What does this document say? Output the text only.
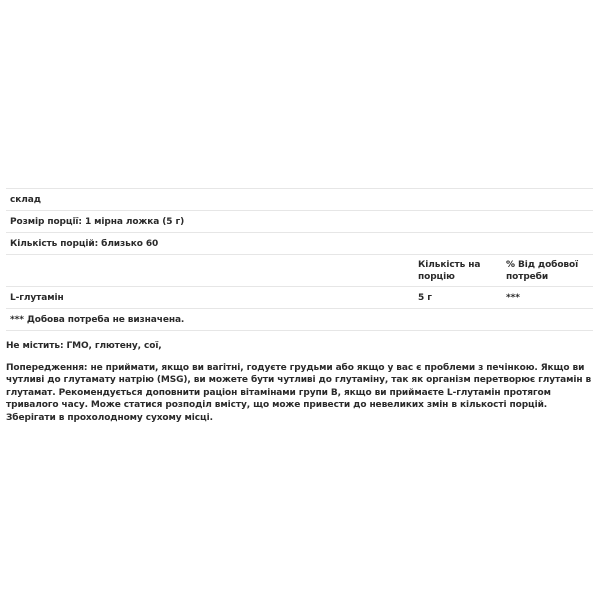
склад
Розмір порції: 1 мірна ложка (5 г)
Кількість порцій: близько 60
Кількість на порцію
% Від добової потреби
L-глутамін	5 г	***
*** Добова потреба не визначена.

Не містить: ГМО, глютену, сої,

Попередження: не приймати, якщо ви вагітні, годуєте грудьми або якщо у вас є проблеми з печінкою. Якщо ви чутливі до глутамату натрію (MSG), ви можете бути чутливі до глутаміну, так як організм перетворює глутамін в глутамат. Рекомендується доповнити раціон вітамінами групи B, якщо ви приймаєте L-глутамін протягом тривалого часу. Може статися розподіл вмісту, що може привести до невеликих змін в кількості порцій. Зберігати в прохолодному сухому місці.
